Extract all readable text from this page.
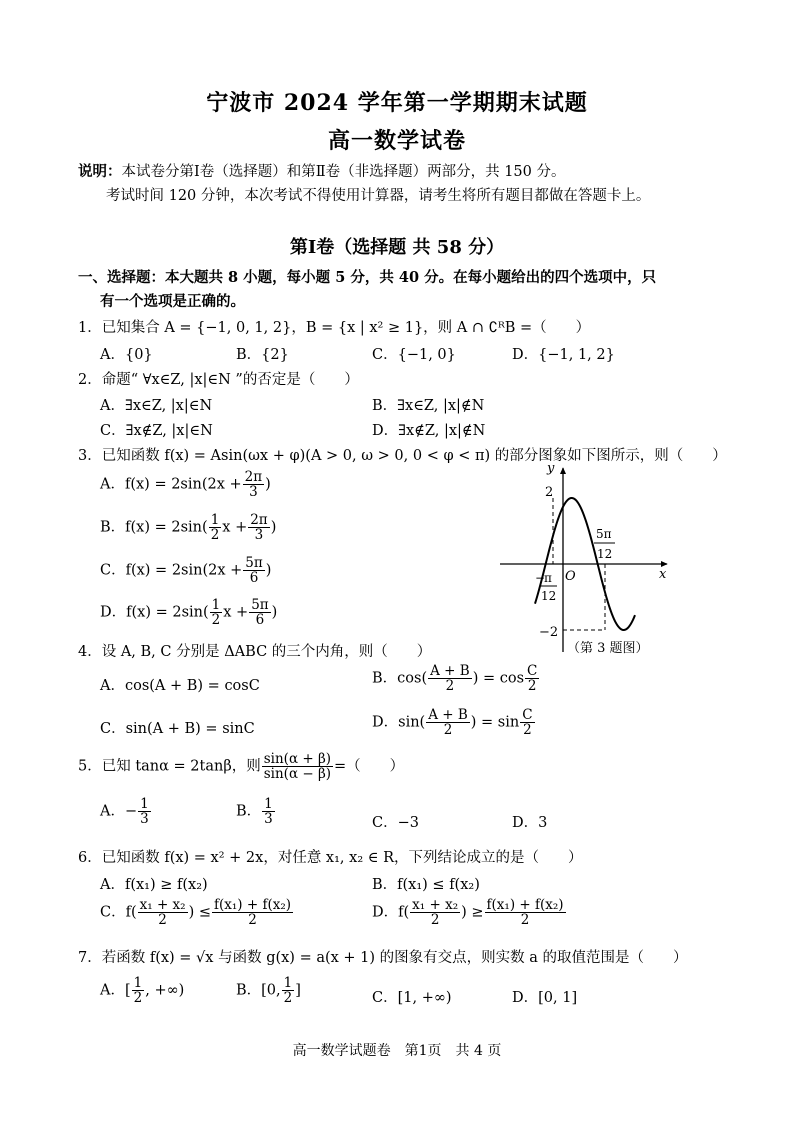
宁波市 2024 学年第一学期期末试题
高一数学试卷
说明：本试卷分第Ⅰ卷（选择题）和第Ⅱ卷（非选择题）两部分，共 150 分。
考试时间 120 分钟，本次考试不得使用计算器，请考生将所有题目都做在答题卡上。
第Ⅰ卷（选择题 共 58 分）
一、选择题：本大题共 8 小题，每小题 5 分，共 40 分。在每小题给出的四个选项中，只
有一个选项是正确的。
1．已知集合 A = {−1, 0, 1, 2}，B = {x | x² ≥ 1}，则 A ∩ ∁ᴿB =（　　）
A．{0}	B．{2}	C．{−1, 0}	D．{−1, 1, 2}
2．命题“ ∀x∈Z, |x|∈N ”的否定是（　　）
A．∃x∈Z, |x|∈N	B．∃x∈Z, |x|∉N
C．∃x∉Z, |x|∈N	D．∃x∉Z, |x|∉N
3．已知函数 f(x) = Asin(ωx + φ)(A > 0, ω > 0, 0 < φ < π) 的部分图象如下图所示，则（　　）
A．$f(x) = 2\sin(2x + \frac{2\pi}{3}$ )
B．$f(x) = 2\sin( \frac{1}{2}$ $x + \frac{2\pi}{3}$ )
C．$f(x) = 2\sin(2x + \frac{5\pi}{6}$ )
D．$f(x) = 2\sin( \frac{1}{2}$ $x + \frac{5\pi}{6}$ )
y
x
O
2
−2
−
π
12
5π
12
（第 3 题图）
4．设 A, B, C 分别是 ΔABC 的三个内角，则（　　）
A．cos(A + B) = cosC	B．$\cos( \frac{A + B}{2}$ ) = $\cos \frac{C}{2}$
C．sin(A + B) = sinC	D．$\sin( \frac{A + B}{2}$ ) = $\sin \frac{C}{2}$
5．已知 tanα = 2tanβ，则 $\frac{\sin(\alpha + \beta)}{\sin(\alpha - \beta)}$ =（　　）
A．− $\frac{1}{3}$	B． $\frac{1}{3}$	C．−3	D．3
6．已知函数 f(x) = x² + 2x，对任意 x₁, x₂ ∈ R，下列结论成立的是（　　）
A．f(x₁) ≥ f(x₂)	B．f(x₁) ≤ f(x₂)
C．$f( \frac{\text{x₁ + x₂}}{2}$ ) ≤ $\frac{\text{f(x₁) + f(x₂)}}{2}$	D．$f( \frac{\text{x₁ + x₂}}{2}$ ) ≥ $\frac{\text{f(x₁) + f(x₂)}}{2}$
7．若函数 f(x) = √x 与函数 g(x) = a(x + 1) 的图象有交点，则实数 a 的取值范围是（　　）
A．[ $\frac{1}{2}$ , +∞)	B．[0, $\frac{1}{2}$ ]	C．[1, +∞)	D．[0, 1]
高一数学试题卷　第1页　共 4 页
